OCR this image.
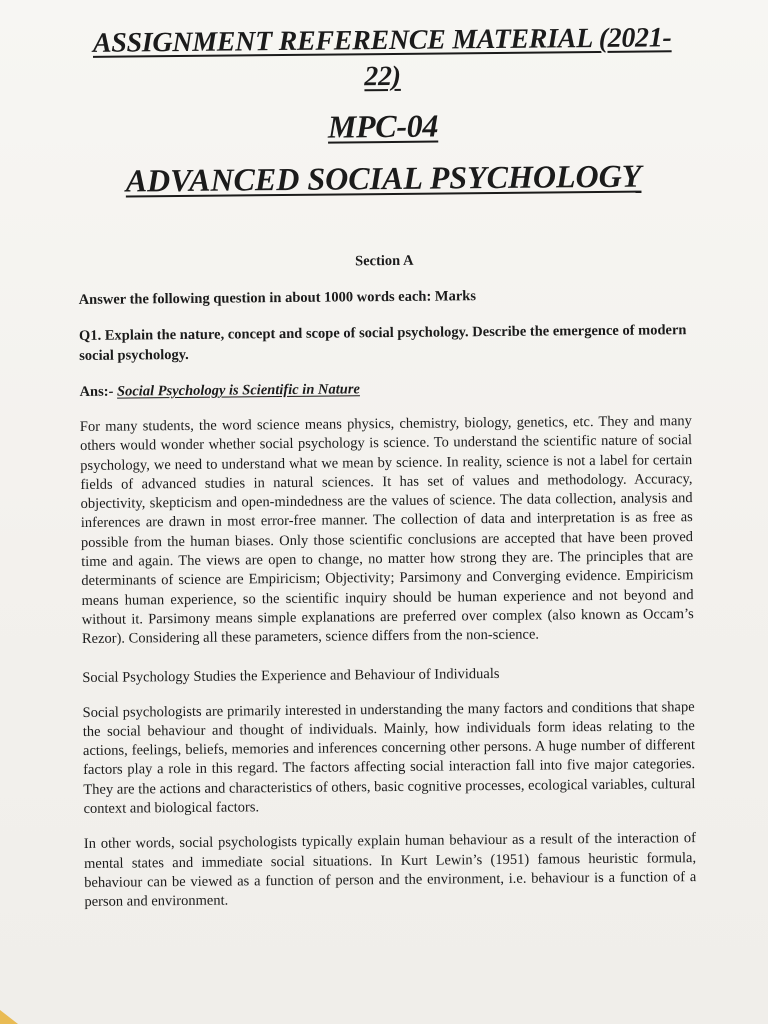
ASSIGNMENT REFERENCE MATERIAL (2021-22)
MPC-04
ADVANCED SOCIAL PSYCHOLOGY
Section A
Answer the following question in about 1000 words each: Marks
Q1. Explain the nature, concept and scope of social psychology. Describe the emergence of modern social psychology.
Ans:- Social Psychology is Scientific in Nature
For many students, the word science means physics, chemistry, biology, genetics, etc. They and many others would wonder whether social psychology is science. To understand the scientific nature of social psychology, we need to understand what we mean by science. In reality, science is not a label for certain fields of advanced studies in natural sciences. It has set of values and methodology. Accuracy, objectivity, skepticism and open-mindedness are the values of science. The data collection, analysis and inferences are drawn in most error-free manner. The collection of data and interpretation is as free as possible from the human biases. Only those scientific conclusions are accepted that have been proved time and again. The views are open to change, no matter how strong they are. The principles that are determinants of science are Empiricism; Objectivity; Parsimony and Converging evidence. Empiricism means human experience, so the scientific inquiry should be human experience and not beyond and without it. Parsimony means simple explanations are preferred over complex (also known as Occam’s Rezor). Considering all these parameters, science differs from the non-science.
Social Psychology Studies the Experience and Behaviour of Individuals
Social psychologists are primarily interested in understanding the many factors and conditions that shape the social behaviour and thought of individuals. Mainly, how individuals form ideas relating to the actions, feelings, beliefs, memories and inferences concerning other persons. A huge number of different factors play a role in this regard. The factors affecting social interaction fall into five major categories. They are the actions and characteristics of others, basic cognitive processes, ecological variables, cultural context and biological factors.
In other words, social psychologists typically explain human behaviour as a result of the interaction of mental states and immediate social situations. In Kurt Lewin’s (1951) famous heuristic formula, behaviour can be viewed as a function of person and the environment, i.e. behaviour is a function of a person and environment.
